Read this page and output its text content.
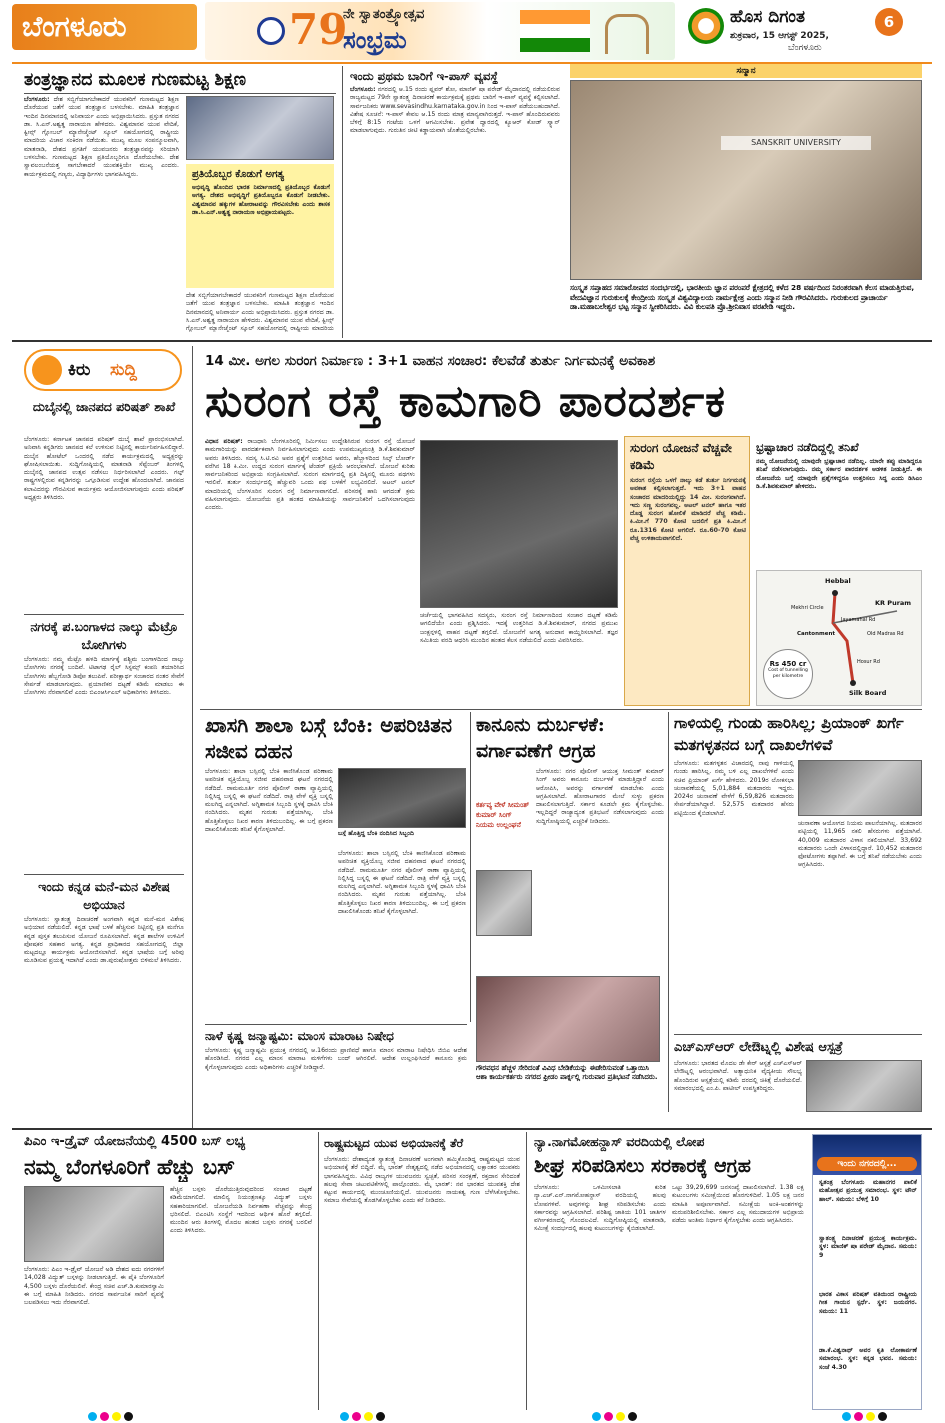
ಬೆಂಗಳೂರು	79
ನೇ ಸ್ವಾತಂತ್ರ್ಯೋತ್ಸವ
ಸಂಭ್ರಮ
ಹೊಸ ದಿಗಂತ
ಶುಕ್ರವಾರ, 15 ಆಗಸ್ಟ್ 2025,
ಬೆಂಗಳೂರು
6
ತಂತ್ರಜ್ಞಾನದ ಮೂಲಕ ಗುಣಮಟ್ಟ ಶಿಕ್ಷಣ
ಬೆಂಗಳೂರು: ದೇಶ ಸಬ್ಬಿಗೆಯಾಗಬೇಕಾದರೆ ಯುವಕರಿಗೆ ಗುಣಮಟ್ಟದ ಶಿಕ್ಷಣ ದೊರೆಯುವ ಜತೆಗೆ ಯುವ ತಂತ್ರಜ್ಞಾನ ಬಳಸಬೇಕು. ಮಾಹಿತಿ ತಂತ್ರಜ್ಞಾನ ಇಂದಿನ ದಿನಮಾನದಲ್ಲಿ ಅನಿವಾರ್ಯ ಎಂದು ಅಭಿಪ್ರಾಯಿಸಿದರು. ಪ್ರಸ್ತುತ ನಗರದ ಡಾ. ಸಿ.ಎನ್.ಅಶ್ವತ್ಥ ನಾರಾಯಣ ಹೇಳಿದರು. ವಿಶ್ವಮಾನವ ಯುವ ವೇದಿಕೆ, ಕ್ವೀನ್ಸ್ ಗ್ಲೋಬಲ್ ಮ್ಯಾನೇಜ್ಮೆಂಟ್ ಸ್ಕೂಲ್ ಸಹಯೋಗದಲ್ಲಿ ರಾಷ್ಟ್ರೀಯ ಮಾದರಿಯ ವಿಚಾರ ಸಂಕಿರಣ ನಡೆಯಿತು. ಮುಖ್ಯ ಮೂಲ ಸಂಪನ್ಮೂಲವಾಗಿ, ಮಾತನಾಡಿ, ದೇಶದ ಪ್ರಗತಿಗೆ ಯುವಜನರು ತಂತ್ರಜ್ಞಾನವನ್ನು ಸರಿಯಾಗಿ ಬಳಸಬೇಕು. ಗುಣಮಟ್ಟದ ಶಿಕ್ಷಣ ಪ್ರತಿಯೊಬ್ಬರಿಗೂ ದೊರೆಯಬೇಕು. ದೇಶ ಸ್ವಾವಲಂಬನೆಯತ್ತ ಸಾಗಬೇಕಾದರೆ ಯುವಶಕ್ತಿಯೇ ಮುಖ್ಯ ಎಂದರು. ಕಾರ್ಯಕ್ರಮದಲ್ಲಿ ಗಣ್ಯರು, ವಿದ್ಯಾರ್ಥಿಗಳು ಭಾಗವಹಿಸಿದ್ದರು.	ಪ್ರತಿಯೊಬ್ಬರ ಕೊಡುಗೆ ಅಗತ್ಯ
ಅಭಿವೃದ್ಧಿ ಹೊಂದಿದ ಭಾರತ ನಿರ್ಮಾಣದಲ್ಲಿ ಪ್ರತಿಯೊಬ್ಬರ ಕೊಡುಗೆ ಅಗತ್ಯ. ದೇಶದ ಅಭಿವೃದ್ಧಿಗೆ ಪ್ರತಿಯೊಬ್ಬರೂ ಕೊಡುಗೆ ನೀಡಬೇಕು. ವಿಶ್ವಮಾನವ ಹಕ್ಕುಗಳ ಹೋರಾಟವನ್ನು ಗೌರವಿಸಬೇಕು ಎಂದು ಶಾಸಕ ಡಾ.ಸಿ.ಎನ್.ಅಶ್ವತ್ಥ ನಾರಾಯಣ ಅಭಿಪ್ರಾಯಪಟ್ಟರು.
ದೇಶ ಸಬ್ಬಿಗೆಯಾಗಬೇಕಾದರೆ ಯುವಕರಿಗೆ ಗುಣಮಟ್ಟದ ಶಿಕ್ಷಣ ದೊರೆಯುವ ಜತೆಗೆ ಯುವ ತಂತ್ರಜ್ಞಾನ ಬಳಸಬೇಕು. ಮಾಹಿತಿ ತಂತ್ರಜ್ಞಾನ ಇಂದಿನ ದಿನಮಾನದಲ್ಲಿ ಅನಿವಾರ್ಯ ಎಂದು ಅಭಿಪ್ರಾಯಿಸಿದರು. ಪ್ರಸ್ತುತ ನಗರದ ಡಾ. ಸಿ.ಎನ್.ಅಶ್ವತ್ಥ ನಾರಾಯಣ ಹೇಳಿದರು. ವಿಶ್ವಮಾನವ ಯುವ ವೇದಿಕೆ, ಕ್ವೀನ್ಸ್ ಗ್ಲೋಬಲ್ ಮ್ಯಾನೇಜ್ಮೆಂಟ್ ಸ್ಕೂಲ್ ಸಹಯೋಗದಲ್ಲಿ ರಾಷ್ಟ್ರೀಯ ಮಾದರಿಯ
ಇಂದು ಪ್ರಥಮ ಬಾರಿಗೆ ಇ-ಪಾಸ್ ವ್ಯವಸ್ಥೆ
ಬೆಂಗಳೂರು: ನಗರದಲ್ಲಿ ಆ.15 ರಂದು ಫ್ಲವರ್ ಶೋ, ಮಾಣಿಕ್ ಷಾ ಪರೇಡ್ ಮೈದಾನದಲ್ಲಿ ನಡೆಯಲಿರುವ ರಾಜ್ಯಮಟ್ಟದ 79ನೇ ಸ್ವಾತಂತ್ರ್ಯ ದಿನಾಚರಣೆ ಕಾರ್ಯಕ್ರಮಕ್ಕೆ ಪ್ರಥಮ ಬಾರಿಗೆ ಇ-ಪಾಸ್ ವ್ಯವಸ್ಥೆ ಕಲ್ಪಿಸಲಾಗಿದೆ. ಸಾರ್ವಜನಿಕರು www.sevasindhu.karnataka.gov.in ನಿಂದ ಇ-ಪಾಸ್ ಪಡೆಯಬಹುದಾಗಿದೆ. ವಿಶೇಷ ಸೂಚನೆ: ಇ-ಪಾಸ್ ಕೇವಲ ಆ.15 ರಂದು ಮಾತ್ರ ಮಾನ್ಯವಾಗಿರುತ್ತದೆ. ಇ-ಪಾಸ್ ಹೊಂದಿರುವವರು ಬೆಳಿಗ್ಗೆ 8:15 ಗಂಟೆಯ ಒಳಗೆ ಆಗಮಿಸಬೇಕು. ಪ್ರವೇಶ ದ್ವಾರದಲ್ಲಿ ಕ್ಯೂಆರ್ ಕೋಡ್ ಸ್ಕ್ಯಾನ್ ಮಾಡಲಾಗುವುದು. ಗುರುತಿನ ಚೀಟಿ ಕಡ್ಡಾಯವಾಗಿ ಜೊತೆಯಲ್ಲಿರಬೇಕು.
ಸನ್ಮಾನ
SANSKRIT UNIVERSITY
ಸಂಸ್ಕೃತ ಸಪ್ತಾಹದ ಸಮಾರೋಪದ ಸಂದರ್ಭದಲ್ಲಿ, ಭಾರತೀಯ ಜ್ಞಾನ ಪರಂಪರೆ ಕ್ಷೇತ್ರದಲ್ಲಿ ಕಳೆದ 28 ವರ್ಷದಿಂದ ನಿರಂತರವಾಗಿ ಕೆಲಸ ಮಾಡುತ್ತಿರುವ, ವೇದವಿಜ್ಞಾನ ಗುರುಕುಲಕ್ಕೆ ಕೇಂದ್ರೀಯ ಸಂಸ್ಕೃತ ವಿಶ್ವವಿದ್ಯಾಲಯ ನಾರ್ಮಕ್ಷೇತ್ರ ಎಂದು ಸನ್ಮಾನ ನೀಡಿ ಗೌರವಿಸಿದರು. ಗುರುಕುಲದ ಪ್ರಾಚಾರ್ಯ ಡಾ.ಮಹಾಬಲೇಶ್ವರ ಭಟ್ಟ ಸನ್ಮಾನ ಸ್ವೀಕರಿಸಿದರು. ವಿವಿ ಕುಲಪತಿ ಪ್ರೊ.ಶ್ರೀನಿವಾಸ ವರಖೇಡಿ ಇದ್ದರು.
ಕಿರು	ಸುದ್ದಿ
ದುಬೈನಲ್ಲಿ ಜಾನಪದ ಪರಿಷತ್ ಶಾಖೆ
ಬೆಂಗಳೂರು: ಕರ್ನಾಟಕ ಜಾನಪದ ಪರಿಷತ್ ದುಬೈ ಶಾಖೆ ಪ್ರಾರಂಭಿಸಲಾಗಿದೆ. ಅನಿವಾಸಿ ಕನ್ನಡಿಗರು ಜಾನಪದ ಕಲೆ ಉಳಿಸುವ ನಿಟ್ಟಿನಲ್ಲಿ ಕಾರ್ಯನಿರ್ವಹಿಸಲಿದ್ದಾರೆ. ದುಬೈನ ಹೋಟೆಲ್ ಒಂದರಲ್ಲಿ ನಡೆದ ಕಾರ್ಯಕ್ರಮದಲ್ಲಿ ಅಧ್ಯಕ್ಷರನ್ನು ಘೋಷಿಸಲಾಯಿತು. ಸುದ್ದಿಗೋಷ್ಠಿಯಲ್ಲಿ ಮಾತನಾಡಿ ಸೆಪ್ಟೆಂಬರ್ ತಿಂಗಳಲ್ಲಿ ದುಬೈನಲ್ಲಿ ಜಾನಪದ ಉತ್ಸವ ನಡೆಸಲು ನಿರ್ಧರಿಸಲಾಗಿದೆ ಎಂದರು. ಗಲ್ಫ್ ರಾಷ್ಟ್ರಗಳಲ್ಲಿರುವ ಕನ್ನಡಿಗರನ್ನು ಒಗ್ಗೂಡಿಸುವ ಉದ್ದೇಶ ಹೊಂದಲಾಗಿದೆ. ಜಾನಪದ ಕಲಾವಿದರನ್ನು ಗೌರವಿಸುವ ಕಾರ್ಯಕ್ರಮ ಆಯೋಜಿಸಲಾಗುವುದು ಎಂದು ಪರಿಷತ್ ಅಧ್ಯಕ್ಷರು ತಿಳಿಸಿದರು.
ನಗರಕ್ಕೆ ಪ.ಬಂಗಾಳದ ನಾಲ್ಕು ಮೆಟ್ರೊ ಬೋಗಿಗಳು
ಬೆಂಗಳೂರು: ನಮ್ಮ ಮೆಟ್ರೊ ಹಳದಿ ಮಾರ್ಗಕ್ಕೆ ಪಶ್ಚಿಮ ಬಂಗಾಳದಿಂದ ನಾಲ್ಕು ಬೋಗಿಗಳು ನಗರಕ್ಕೆ ಬಂದಿವೆ. ಟಿಟಾಗಢ ರೈಲ್ ಸಿಸ್ಟಮ್ಸ್ ಕಂಪನಿ ತಯಾರಿಸಿದ ಬೋಗಿಗಳು ಹೆಬ್ಬಗೋಡಿ ಡಿಪೋ ತಲುಪಿವೆ. ಪರೀಕ್ಷಾರ್ಥ ಸಂಚಾರದ ನಂತರ ಸೇವೆಗೆ ಸೇರ್ಪಡೆ ಮಾಡಲಾಗುವುದು. ಪ್ರಯಾಣಿಕರ ದಟ್ಟಣೆ ಕಡಿಮೆ ಮಾಡಲು ಈ ಬೋಗಿಗಳು ನೆರವಾಗಲಿವೆ ಎಂದು ಬಿಎಂಆರ್ಸಿಎಲ್ ಅಧಿಕಾರಿಗಳು ತಿಳಿಸಿದರು.
ಇಂದು ಕನ್ನಡ ಮನೆ-ಮನ ವಿಶೇಷ ಅಭಿಯಾನ
ಬೆಂಗಳೂರು: ಸ್ವಾತಂತ್ರ್ಯ ದಿನಾಚರಣೆ ಅಂಗವಾಗಿ ಕನ್ನಡ ಮನೆ-ಮನ ವಿಶೇಷ ಅಭಿಯಾನ ನಡೆಯಲಿದೆ. ಕನ್ನಡ ಭಾಷೆ ಬಳಕೆ ಹೆಚ್ಚಿಸುವ ನಿಟ್ಟಿನಲ್ಲಿ ಪ್ರತಿ ಮನೆಗೂ ಕನ್ನಡ ಪುಸ್ತಕ ತಲುಪಿಸುವ ಯೋಜನೆ ರೂಪಿಸಲಾಗಿದೆ. ಕನ್ನಡ ಶಾಲೆಗಳ ಉಳಿವಿಗೆ ಪೋಷಕರ ಸಹಕಾರ ಅಗತ್ಯ. ಕನ್ನಡ ಪ್ರಾಧಿಕಾರದ ಸಹಯೋಗದಲ್ಲಿ ಜಿಲ್ಲಾ ಮಟ್ಟದಲ್ಲೂ ಕಾರ್ಯಕ್ರಮ ಆಯೋಜಿಸಲಾಗಿದೆ. ಕನ್ನಡ ಭಾಷೆಯ ಬಗ್ಗೆ ಅರಿವು ಮೂಡಿಸುವ ಪ್ರಯತ್ನ ಇದಾಗಿದೆ ಎಂದು ಡಾ.ಪುರುಷೋತ್ತಮ ಬಿಳಿಮಲೆ ತಿಳಿಸಿದರು.
14 ಮೀ. ಅಗಲ ಸುರಂಗ ನಿರ್ಮಾಣ : 3+1 ವಾಹನ ಸಂಚಾರ: ಕೆಲವೆಡೆ ತುರ್ತು ನಿರ್ಗಮನಕ್ಕೆ ಅವಕಾಶ
ಸುರಂಗ ರಸ್ತೆ ಕಾಮಗಾರಿ ಪಾರದರ್ಶಕ
ವಿಧಾನ ಪರಿಷತ್: ರಾಜಧಾನಿ ಬೆಂಗಳೂರಿನಲ್ಲಿ ನಿರ್ಮಿಸಲು ಉದ್ದೇಶಿಸಿರುವ ಸುರಂಗ ರಸ್ತೆ ಯೋಜನೆ ಕಾಮಗಾರಿಯನ್ನು ಪಾರದರ್ಶಕವಾಗಿ ನಿರ್ವಹಿಸಲಾಗುವುದು ಎಂದು ಉಪಮುಖ್ಯಮಂತ್ರಿ ಡಿ.ಕೆ.ಶಿವಕುಮಾರ್ ಅವರು ತಿಳಿಸಿದರು. ಸದಸ್ಯ ಸಿ.ಟಿ.ರವಿ ಅವರ ಪ್ರಶ್ನೆಗೆ ಉತ್ತರಿಸಿದ ಅವರು, ಹೆಬ್ಬಾಳದಿಂದ ಸಿಲ್ಕ್ ಬೋರ್ಡ್ ವರೆಗಿನ 18 ಕಿ.ಮೀ. ಉದ್ದದ ಸುರಂಗ ಮಾರ್ಗಕ್ಕೆ ಟೆಂಡರ್ ಪ್ರಕ್ರಿಯೆ ಆರಂಭವಾಗಿದೆ. ಯೋಜನೆ ಕುರಿತು ಸಾರ್ವಜನಿಕರಿಂದ ಅಭಿಪ್ರಾಯ ಸಂಗ್ರಹಿಸಲಾಗಿದೆ. ಸುರಂಗ ಮಾರ್ಗದಲ್ಲಿ ಪ್ರತಿ ದಿಕ್ಕಿನಲ್ಲಿ ಮೂರು ಪಥಗಳು ಇರಲಿವೆ. ತುರ್ತು ಸಂದರ್ಭದಲ್ಲಿ ಹೆಚ್ಚುವರಿ ಒಂದು ಪಥ ಬಳಕೆಗೆ ಲಭ್ಯವಿರಲಿದೆ. ಅಟಲ್ ಟನಲ್ ಮಾದರಿಯಲ್ಲಿ ಬೆಂಗಳೂರಿನ ಸುರಂಗ ರಸ್ತೆ ನಿರ್ಮಾಣವಾಗಲಿದೆ. ಪರಿಸರಕ್ಕೆ ಹಾನಿ ಆಗದಂತೆ ಕ್ರಮ ವಹಿಸಲಾಗುವುದು. ಯೋಜನೆಯ ಪ್ರತಿ ಹಂತದ ಮಾಹಿತಿಯನ್ನು ಸಾರ್ವಜನಿಕರಿಗೆ ಒದಗಿಸಲಾಗುವುದು ಎಂದರು.
ಚರ್ಚೆಯಲ್ಲಿ ಭಾಗವಹಿಸಿದ ಸದಸ್ಯರು, ಸುರಂಗ ರಸ್ತೆ ನಿರ್ಮಾಣದಿಂದ ಸಂಚಾರ ದಟ್ಟಣೆ ಕಡಿಮೆ ಆಗಲಿದೆಯೇ ಎಂದು ಪ್ರಶ್ನಿಸಿದರು. ಇದಕ್ಕೆ ಉತ್ತರಿಸಿದ ಡಿ.ಕೆ.ಶಿವಕುಮಾರ್, ನಗರದ ಪ್ರಮುಖ ಜಂಕ್ಷನ್ಗಳಲ್ಲಿ ವಾಹನ ದಟ್ಟಣೆ ತಗ್ಗಲಿದೆ. ಯೋಜನೆಗೆ ಅಗತ್ಯ ಅನುದಾನ ಕಾಯ್ದಿರಿಸಲಾಗಿದೆ. ತಜ್ಞರ ಸಮಿತಿಯ ವರದಿ ಆಧರಿಸಿ ಮುಂದಿನ ಹಂತದ ಕೆಲಸ ನಡೆಯಲಿದೆ ಎಂದು ವಿವರಿಸಿದರು.
ಸುರಂಗ ಯೋಜನೆ ವೆಚ್ಚವೇ ಕಡಿಮೆ
ಸುರಂಗ ರಸ್ತೆಯ ಒಳಗೆ ನಾಲ್ಕು ಕಡೆ ತುರ್ತು ನಿರ್ಗಮನಕ್ಕೆ ಅವಕಾಶ ಕಲ್ಪಿಸಲಾಗುತ್ತದೆ. ಇದು 3+1 ವಾಹನ ಸಂಚಾರದ ಮಾದರಿಯಲ್ಲಿದ್ದು 14 ಮೀ. ಸುರಂಗವಾಗಿದೆ. ಇದು ಸಣ್ಣ ಸುರಂಗವಲ್ಲ. ಅಟಲ್ ಟನಲ್ ಹಾಗೂ ಇತರ ದೊಡ್ಡ ಸುರಂಗ ಹೋಲಿಕೆ ಮಾಡಿದರೆ ವೆಚ್ಚ ಕಡಿಮೆ. ಕಿ.ಮೀ.ಗೆ 770 ಕೋಟಿ ಬದಲಿಗೆ ಪ್ರತಿ ಕಿ.ಮೀ.ಗೆ ರೂ.1316 ಕೋಟಿ ಆಗಲಿದೆ. ರೂ.60-70 ಕೋಟಿ ವೆಚ್ಚ ಉಳಿತಾಯವಾಗಲಿದೆ.
ಭ್ರಷ್ಟಾಚಾರ ನಡೆದಿದ್ದಲ್ಲಿ ತನಿಖೆ
ನಮ್ಮ ಯೋಜನೆಯಲ್ಲಿ ಯಾವುದೇ ಭ್ರಷ್ಟಾಚಾರ ನಡೆದಿಲ್ಲ. ಯಾರೇ ತಪ್ಪು ಮಾಡಿದ್ದರೂ ತನಿಖೆ ನಡೆಸಲಾಗುವುದು. ನಮ್ಮ ಸರ್ಕಾರ ಪಾರದರ್ಶಕ ಆಡಳಿತ ನೀಡುತ್ತಿದೆ. ಈ ಯೋಜನೆಯ ಬಗ್ಗೆ ಯಾವುದೇ ಪ್ರಶ್ನೆಗಳಿದ್ದರೂ ಉತ್ತರಿಸಲು ಸಿದ್ಧ ಎಂದು ಡಿಸಿಎಂ ಡಿ.ಕೆ.ಶಿವಕುಮಾರ್ ಹೇಳಿದರು.
Hebbal
KR Puram
Mekhri Circle
Jayamahal Rd
Cantonment	Old Madras Rd
Hosur Rd
Rs 450 cr
Cost of tunnelling per kilometre
Silk Board
ಖಾಸಗಿ ಶಾಲಾ ಬಸ್ಗೆ ಬೆಂಕಿ: ಅಪರಿಚಿತನ ಸಜೀವ ದಹನ
ಬೆಂಗಳೂರು: ಶಾಲಾ ಬಸ್ಸಿನಲ್ಲಿ ಬೆಂಕಿ ಕಾಣಿಸಿಕೊಂಡ ಪರಿಣಾಮ ಅಪರಿಚಿತ ವ್ಯಕ್ತಿಯೊಬ್ಬ ಸಜೀವ ದಹನವಾದ ಘಟನೆ ನಗರದಲ್ಲಿ ನಡೆದಿದೆ. ರಾಮಮೂರ್ತಿ ನಗರ ಪೊಲೀಸ್ ಠಾಣಾ ವ್ಯಾಪ್ತಿಯಲ್ಲಿ ನಿಲ್ಲಿಸಿದ್ದ ಬಸ್ನಲ್ಲಿ ಈ ಘಟನೆ ನಡೆದಿದೆ. ರಾತ್ರಿ ವೇಳೆ ವ್ಯಕ್ತಿ ಬಸ್ನಲ್ಲಿ ಮಲಗಿದ್ದ ಎನ್ನಲಾಗಿದೆ. ಅಗ್ನಿಶಾಮಕ ಸಿಬ್ಬಂದಿ ಸ್ಥಳಕ್ಕೆ ಧಾವಿಸಿ ಬೆಂಕಿ ನಂದಿಸಿದರು. ಮೃತನ ಗುರುತು ಪತ್ತೆಯಾಗಿಲ್ಲ. ಬೆಂಕಿ ಹೊತ್ತಿಕೊಳ್ಳಲು ನಿಖರ ಕಾರಣ ತಿಳಿದುಬಂದಿಲ್ಲ. ಈ ಬಗ್ಗೆ ಪ್ರಕರಣ ದಾಖಲಿಸಿಕೊಂಡು ತನಿಖೆ ಕೈಗೊಳ್ಳಲಾಗಿದೆ.
ಬಸ್ಗೆ ಹೊತ್ತಿದ್ದ ಬೆಂಕಿ ನಂದಿಸಿದ ಸಿಬ್ಬಂದಿ
ಬೆಂಗಳೂರು: ಶಾಲಾ ಬಸ್ಸಿನಲ್ಲಿ ಬೆಂಕಿ ಕಾಣಿಸಿಕೊಂಡ ಪರಿಣಾಮ ಅಪರಿಚಿತ ವ್ಯಕ್ತಿಯೊಬ್ಬ ಸಜೀವ ದಹನವಾದ ಘಟನೆ ನಗರದಲ್ಲಿ ನಡೆದಿದೆ. ರಾಮಮೂರ್ತಿ ನಗರ ಪೊಲೀಸ್ ಠಾಣಾ ವ್ಯಾಪ್ತಿಯಲ್ಲಿ ನಿಲ್ಲಿಸಿದ್ದ ಬಸ್ನಲ್ಲಿ ಈ ಘಟನೆ ನಡೆದಿದೆ. ರಾತ್ರಿ ವೇಳೆ ವ್ಯಕ್ತಿ ಬಸ್ನಲ್ಲಿ ಮಲಗಿದ್ದ ಎನ್ನಲಾಗಿದೆ. ಅಗ್ನಿಶಾಮಕ ಸಿಬ್ಬಂದಿ ಸ್ಥಳಕ್ಕೆ ಧಾವಿಸಿ ಬೆಂಕಿ ನಂದಿಸಿದರು. ಮೃತನ ಗುರುತು ಪತ್ತೆಯಾಗಿಲ್ಲ. ಬೆಂಕಿ ಹೊತ್ತಿಕೊಳ್ಳಲು ನಿಖರ ಕಾರಣ ತಿಳಿದುಬಂದಿಲ್ಲ. ಈ ಬಗ್ಗೆ ಪ್ರಕರಣ ದಾಖಲಿಸಿಕೊಂಡು ತನಿಖೆ ಕೈಗೊಳ್ಳಲಾಗಿದೆ.
ಕಾನೂನು ದುರ್ಬಳಕೆ: ವರ್ಗಾವಣೆಗೆ ಆಗ್ರಹ
ಕರ್ತವ್ಯ ವೇಳೆ ಸೀಮಂತ್ ಕುಮಾರ್ ಸಿಂಗ್ ನಿಯಮ ಉಲ್ಲಂಘನೆ
ಬೆಂಗಳೂರು: ನಗರ ಪೊಲೀಸ್ ಆಯುಕ್ತ ಸೀಮಂತ್ ಕುಮಾರ್ ಸಿಂಗ್ ಅವರು ಕಾನೂನು ದುರ್ಬಳಕೆ ಮಾಡುತ್ತಿದ್ದಾರೆ ಎಂದು ಆರೋಪಿಸಿ, ಅವರನ್ನು ವರ್ಗಾವಣೆ ಮಾಡಬೇಕು ಎಂದು ಆಗ್ರಹಿಸಲಾಗಿದೆ. ಹೋರಾಟಗಾರರ ಮೇಲೆ ಸುಳ್ಳು ಪ್ರಕರಣ ದಾಖಲಿಸಲಾಗುತ್ತಿದೆ. ಸರ್ಕಾರ ಕೂಡಲೇ ಕ್ರಮ ಕೈಗೊಳ್ಳಬೇಕು. ಇಲ್ಲದಿದ್ದರೆ ರಾಜ್ಯಾದ್ಯಂತ ಪ್ರತಿಭಟನೆ ನಡೆಸಲಾಗುವುದು ಎಂದು ಸುದ್ದಿಗೋಷ್ಠಿಯಲ್ಲಿ ಎಚ್ಚರಿಕೆ ನೀಡಿದರು.
ಗೌರವಧನ ಹೆಚ್ಚಳ ಸೇರಿದಂತೆ ವಿವಿಧ ಬೇಡಿಕೆಯನ್ನು ಈಡೇರಿಸುವಂತೆ ಒತ್ತಾಯಿಸಿ ಆಶಾ ಕಾರ್ಯಕರ್ತರು ನಗರದ ಫ್ರೀಡಂ ಪಾರ್ಕ್ನಲ್ಲಿ ಗುರುವಾರ ಪ್ರತಿಭಟನೆ ನಡೆಸಿದರು.
ಗಾಳಿಯಲ್ಲಿ ಗುಂಡು ಹಾರಿಸಿಲ್ಲ; ಪ್ರಿಯಾಂಕ್ ಖರ್ಗೆ ಮತಗಳ್ಳತನದ ಬಗ್ಗೆ ದಾಖಲೆಗಳಿವೆ
ಬೆಂಗಳೂರು: ಮತಗಳ್ಳತನ ವಿಚಾರದಲ್ಲಿ ನಾವು ಗಾಳಿಯಲ್ಲಿ ಗುಂಡು ಹಾರಿಸಿಲ್ಲ. ನಮ್ಮ ಬಳಿ ಎಲ್ಲ ದಾಖಲೆಗಳಿವೆ ಎಂದು ಸಚಿವ ಪ್ರಿಯಾಂಕ್ ಖರ್ಗೆ ಹೇಳಿದರು. 2019ರ ಲೋಕಸಭಾ ಚುನಾವಣೆಯಲ್ಲಿ 5,01,884 ಮತದಾರರು ಇದ್ದರು. 2024ರ ಚುನಾವಣೆ ವೇಳೆಗೆ 6,59,826 ಮತದಾರರು ಸೇರ್ಪಡೆಯಾಗಿದ್ದಾರೆ. 52,575 ಮತದಾರರ ಹೆಸರು ಪಟ್ಟಿಯಿಂದ ಕೈಬಿಡಲಾಗಿದೆ.
ಚುನಾವಣಾ ಆಯೋಗದ ನಿಯಮ ಪಾಲನೆಯಾಗಿಲ್ಲ. ಮತದಾರರ ಪಟ್ಟಿಯಲ್ಲಿ 11,965 ನಕಲಿ ಹೆಸರುಗಳು ಪತ್ತೆಯಾಗಿವೆ. 40,009 ಮತದಾರರ ವಿಳಾಸ ನಕಲಿಯಾಗಿದೆ. 33,692 ಮತದಾರರು ಒಂದೇ ವಿಳಾಸದಲ್ಲಿದ್ದಾರೆ. 10,452 ಮತದಾರರ ಫೋಟೋಗಳು ತಪ್ಪಾಗಿವೆ. ಈ ಬಗ್ಗೆ ತನಿಖೆ ನಡೆಯಬೇಕು ಎಂದು ಆಗ್ರಹಿಸಿದರು.
ಎಚ್ಎಸ್ಆರ್ ಲೇಔಟ್ನಲ್ಲಿ ವಿಶೇಷ ಆಸ್ಪತ್ರೆ
ಬೆಂಗಳೂರು: ಭಾರತದ ಮೊದಲ ಡೇ ಕೇರ್ ಆಸ್ಪತ್ರೆ ಎಚ್ಎಸ್ಆರ್ ಲೇಔಟ್ನಲ್ಲಿ ಆರಂಭವಾಗಿದೆ. ಅತ್ಯಾಧುನಿಕ ವೈದ್ಯಕೀಯ ಸೌಲಭ್ಯ ಹೊಂದಿರುವ ಆಸ್ಪತ್ರೆಯಲ್ಲಿ ಕಡಿಮೆ ದರದಲ್ಲಿ ಚಿಕಿತ್ಸೆ ದೊರೆಯಲಿದೆ. ಸಮಾರಂಭದಲ್ಲಿ ಎಂ.ಪಿ. ಪಾಟೀಲ್ ಉಪಸ್ಥಿತರಿದ್ದರು.
ನಾಳೆ ಕೃಷ್ಣ ಜನ್ಮಾಷ್ಟಮಿ: ಮಾಂಸ ಮಾರಾಟ ನಿಷೇಧ
ಬೆಂಗಳೂರು: ಕೃಷ್ಣ ಜನ್ಮಾಷ್ಟಮಿ ಪ್ರಯುಕ್ತ ನಗರದಲ್ಲಿ ಆ.16ರಂದು ಪ್ರಾಣಿವಧೆ ಹಾಗೂ ಮಾಂಸ ಮಾರಾಟ ನಿಷೇಧಿಸಿ ಜಿಬಿಎ ಆದೇಶ ಹೊರಡಿಸಿದೆ. ನಗರದ ಎಲ್ಲ ಮಾಂಸ ಮಾರಾಟ ಮಳಿಗೆಗಳು ಬಂದ್ ಆಗಿರಲಿವೆ. ಆದೇಶ ಉಲ್ಲಂಘಿಸಿದರೆ ಕಾನೂನು ಕ್ರಮ ಕೈಗೊಳ್ಳಲಾಗುವುದು ಎಂದು ಅಧಿಕಾರಿಗಳು ಎಚ್ಚರಿಕೆ ನೀಡಿದ್ದಾರೆ.
ಪಿಎಂ ಇ-ಡ್ರೈವ್ ಯೋಜನೆಯಲ್ಲಿ 4500 ಬಸ್ ಲಭ್ಯ
ನಮ್ಮ ಬೆಂಗಳೂರಿಗೆ ಹೆಚ್ಚು ಬಸ್
ಬೆಂಗಳೂರು: ಪಿಎಂ ಇ-ಡ್ರೈವ್ ಯೋಜನೆ ಅಡಿ ದೇಶದ ಐದು ನಗರಗಳಿಗೆ 14,028 ವಿದ್ಯುತ್ ಬಸ್ಗಳನ್ನು ನೀಡಲಾಗುತ್ತಿದೆ. ಈ ಪೈಕಿ ಬೆಂಗಳೂರಿಗೆ 4,500 ಬಸ್ಗಳು ದೊರೆಯಲಿವೆ. ಕೇಂದ್ರ ಸಚಿವ ಎಚ್.ಡಿ.ಕುಮಾರಸ್ವಾಮಿ ಈ ಬಗ್ಗೆ ಮಾಹಿತಿ ನೀಡಿದರು. ನಗರದ ಸಾರ್ವಜನಿಕ ಸಾರಿಗೆ ವ್ಯವಸ್ಥೆ ಬಲಪಡಿಸಲು ಇದು ನೆರವಾಗಲಿದೆ.
ಹೆಚ್ಚಿನ ಬಸ್ಗಳು ದೊರೆಯುತ್ತಿರುವುದರಿಂದ ಸಂಚಾರ ದಟ್ಟಣೆ ಕಡಿಮೆಯಾಗಲಿದೆ. ಮಾಲಿನ್ಯ ನಿಯಂತ್ರಣಕ್ಕೂ ವಿದ್ಯುತ್ ಬಸ್ಗಳು ಸಹಕಾರಿಯಾಗಲಿವೆ. ಯೋಜನೆಯಡಿ ನಿರ್ವಹಣಾ ವೆಚ್ಚವನ್ನು ಕೇಂದ್ರ ಭರಿಸಲಿದೆ. ಬಿಎಂಟಿಸಿ ಸಂಸ್ಥೆಗೆ ಇದರಿಂದ ಆರ್ಥಿಕ ಹೊರೆ ತಗ್ಗಲಿದೆ. ಮುಂದಿನ ಆರು ತಿಂಗಳಲ್ಲಿ ಮೊದಲ ಹಂತದ ಬಸ್ಗಳು ನಗರಕ್ಕೆ ಬರಲಿವೆ ಎಂದು ತಿಳಿಸಿದರು.
ರಾಷ್ಟ್ರಮಟ್ಟದ ಯುವ ಅಭಿಯಾನಕ್ಕೆ ತೆರೆ
ಬೆಂಗಳೂರು: ದೇಶಾದ್ಯಂತ ಸ್ವಾತಂತ್ರ್ಯ ದಿನಾಚರಣೆ ಅಂಗವಾಗಿ ಹಮ್ಮಿಕೊಂಡಿದ್ದ ರಾಷ್ಟ್ರಮಟ್ಟದ ಯುವ ಅಭಿಯಾನಕ್ಕೆ ತೆರೆ ಬಿದ್ದಿದೆ. ಮೈ ಭಾರತ್ ನೇತೃತ್ವದಲ್ಲಿ ನಡೆದ ಅಭಿಯಾನದಲ್ಲಿ ಲಕ್ಷಾಂತರ ಯುವಕರು ಭಾಗವಹಿಸಿದ್ದರು. ವಿವಿಧ ರಾಜ್ಯಗಳ ಯುವಜನರು ಸ್ವಚ್ಛತೆ, ಪರಿಸರ ಸಂರಕ್ಷಣೆ, ರಕ್ತದಾನ ಸೇರಿದಂತೆ ಹಲವು ಸೇವಾ ಚಟುವಟಿಕೆಗಳಲ್ಲಿ ಪಾಲ್ಗೊಂಡರು. ಮೈ ಭಾರತ್: ನವ ಭಾರತದ ಯುವಶಕ್ತಿ ದೇಶ ಕಟ್ಟುವ ಕಾರ್ಯದಲ್ಲಿ ಮುಂಚೂಣಿಯಲ್ಲಿದೆ. ಯುವಜನರು ನಾಯಕತ್ವ ಗುಣ ಬೆಳೆಸಿಕೊಳ್ಳಬೇಕು. ಸಮಾಜ ಸೇವೆಯಲ್ಲಿ ತೊಡಗಿಕೊಳ್ಳಬೇಕು ಎಂದು ಕರೆ ನೀಡಿದರು.
ನ್ಯಾ.ನಾಗಮೋಹನ್ದಾಸ್ ವರದಿಯಲ್ಲಿ ಲೋಪ
ಶೀಘ್ರ ಸರಿಪಡಿಸಲು ಸರಕಾರಕ್ಕೆ ಆಗ್ರಹ
ಬೆಂಗಳೂರು: ಒಳಮೀಸಲಾತಿ ಕುರಿತ ನ್ಯಾ.ಎಚ್.ಎನ್.ನಾಗಮೋಹನ್ದಾಸ್ ವರದಿಯಲ್ಲಿ ಹಲವು ಲೋಪಗಳಿವೆ. ಅವುಗಳನ್ನು ಶೀಘ್ರ ಸರಿಪಡಿಸಬೇಕು ಎಂದು ಸರ್ಕಾರವನ್ನು ಆಗ್ರಹಿಸಲಾಗಿದೆ. ಪರಿಶಿಷ್ಟ ಜಾತಿಯ 101 ಜಾತಿಗಳ ವರ್ಗೀಕರಣದಲ್ಲಿ ಗೊಂದಲವಿದೆ. ಸುದ್ದಿಗೋಷ್ಠಿಯಲ್ಲಿ ಮಾತನಾಡಿ, ಸಮೀಕ್ಷೆ ಸಂದರ್ಭದಲ್ಲಿ ಹಲವು ಕುಟುಂಬಗಳನ್ನು ಕೈಬಿಡಲಾಗಿದೆ.
ಒಟ್ಟು 39,29,699 ಜನಸಂಖ್ಯೆ ದಾಖಲಿಸಲಾಗಿದೆ. 1.38 ಲಕ್ಷ ಕುಟುಂಬಗಳು ಸಮೀಕ್ಷೆಯಿಂದ ಹೊರಗುಳಿದಿವೆ. 1.05 ಲಕ್ಷ ಜನರ ಮಾಹಿತಿ ಅಪೂರ್ಣವಾಗಿದೆ. ಸಮೀಕ್ಷೆಯ ಅಂಕಿ-ಅಂಶಗಳನ್ನು ಮರುಪರಿಶೀಲಿಸಬೇಕು. ಸರ್ಕಾರ ಎಲ್ಲ ಸಮುದಾಯಗಳ ಅಭಿಪ್ರಾಯ ಪಡೆದು ಅಂತಿಮ ನಿರ್ಧಾರ ಕೈಗೊಳ್ಳಬೇಕು ಎಂದು ಆಗ್ರಹಿಸಿದರು.
ಇಂದು ನಗರದಲ್ಲಿ...
ಸ್ವತಂತ್ರ ಬೆಂಗಳೂರು ಮಹಾನಗರ ಪಾಲಿಕೆ ಮಹೋತ್ಸವ ಪ್ರಯುಕ್ತ ಸಮಾರಂಭ. ಸ್ಥಳ: ಟೌನ್ ಹಾಲ್. ಸಮಯ: ಬೆಳಿಗ್ಗೆ 10
ಸ್ವಾತಂತ್ರ್ಯ ದಿನಾಚರಣೆ ಪ್ರಯುಕ್ತ ಕಾರ್ಯಕ್ರಮ. ಸ್ಥಳ: ಮಾಣಿಕ್ ಷಾ ಪರೇಡ್ ಮೈದಾನ. ಸಮಯ: 9
ಭಾರತ ವಿಕಾಸ ಪರಿಷತ್ ವತಿಯಿಂದ ರಾಷ್ಟ್ರೀಯ ಗೀತ ಗಾಯನ ಸ್ಪರ್ಧೆ. ಸ್ಥಳ: ಜಯನಗರ. ಸಮಯ: 11
ಡಾ.ಕೆ.ವಿಶ್ವನಾಥ್ ಅವರ ಕೃತಿ ಲೋಕಾರ್ಪಣೆ ಸಮಾರಂಭ. ಸ್ಥಳ: ಕನ್ನಡ ಭವನ. ಸಮಯ: ಸಂಜೆ 4.30
